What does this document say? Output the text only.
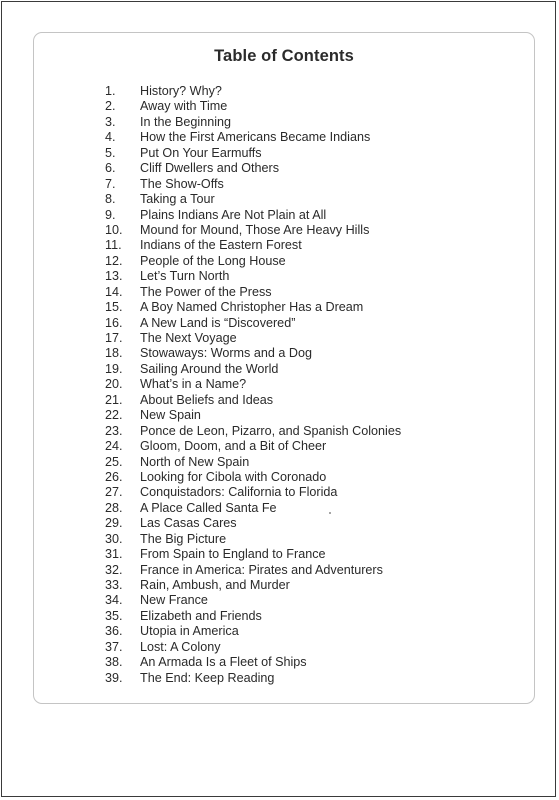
Table of Contents
1. History? Why?
2. Away with Time
3. In the Beginning
4. How the First Americans Became Indians
5. Put On Your Earmuffs
6. Cliff Dwellers and Others
7. The Show-Offs
8. Taking a Tour
9. Plains Indians Are Not Plain at All
10. Mound for Mound, Those Are Heavy Hills
11. Indians of the Eastern Forest
12. People of the Long House
13. Let’s Turn North
14. The Power of the Press
15. A Boy Named Christopher Has a Dream
16. A New Land is “Discovered”
17. The Next Voyage
18. Stowaways: Worms and a Dog
19. Sailing Around the World
20. What’s in a Name?
21. About Beliefs and Ideas
22. New Spain
23. Ponce de Leon, Pizarro, and Spanish Colonies
24. Gloom, Doom, and a Bit of Cheer
25. North of New Spain
26. Looking for Cibola with Coronado
27. Conquistadors: California to Florida
28. A Place Called Santa Fe
29. Las Casas Cares
30. The Big Picture
31. From Spain to England to France
32. France in America: Pirates and Adventurers
33. Rain, Ambush, and Murder
34. New France
35. Elizabeth and Friends
36. Utopia in America
37. Lost: A Colony
38. An Armada Is a Fleet of Ships
39. The End: Keep Reading
